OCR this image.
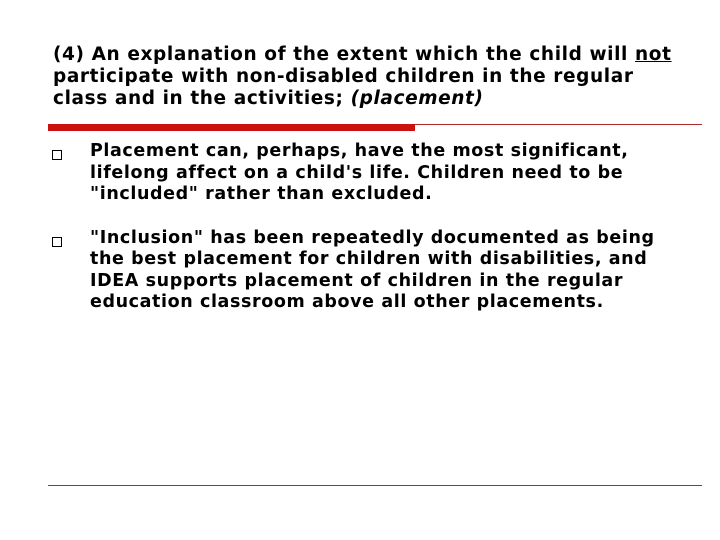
(4) An explanation of the extent which the child will not participate with non-disabled children in the regular class and in the activities; (placement)
Placement can, perhaps, have the most significant, lifelong affect on a child's life. Children need to be "included" rather than excluded.
"Inclusion" has been repeatedly documented as being the best placement for children with disabilities, and IDEA supports placement of children in the regular education classroom above all other placements.
